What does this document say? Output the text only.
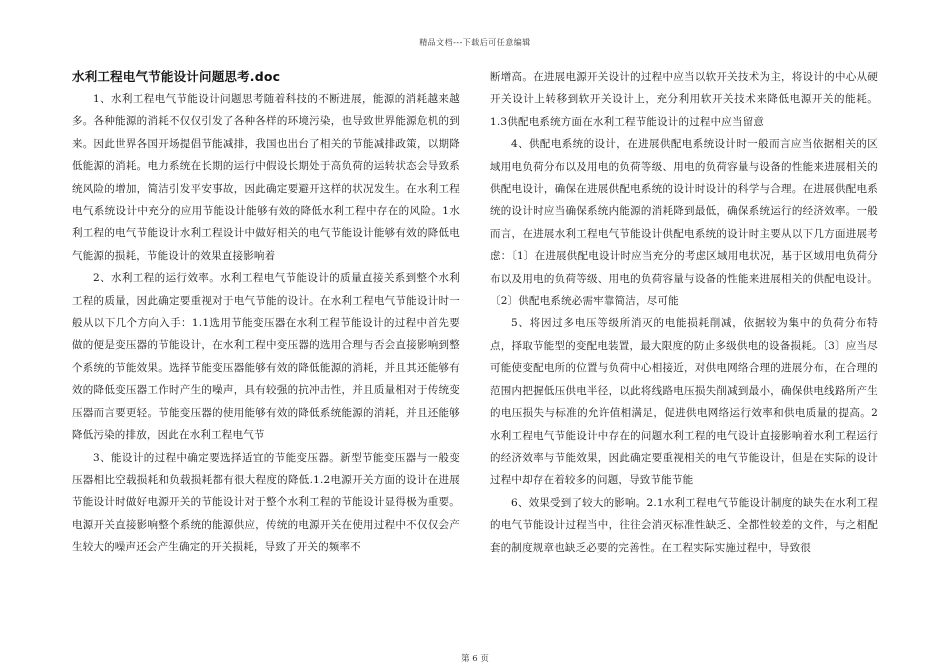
精品文档---下载后可任意编辑
水利工程电气节能设计问题思考.doc

1、水利工程电气节能设计问题思考随着科技的不断进展，能源的消耗越来越多。各种能源的消耗不仅仅引发了各种各样的环境污染，也导致世界能源危机的到来。因此世界各国开场提倡节能减排，我国也出台了相关的节能减排政策，以期降低能源的消耗。电力系统在长期的运行中假设长期处于高负荷的运转状态会导致系统风险的增加，简洁引发平安事故，因此确定要避开这样的状况发生。在水利工程电气系统设计中充分的应用节能设计能够有效的降低水利工程中存在的风险。1水利工程的电气节能设计水利工程设计中做好相关的电气节能设计能够有效的降低电气能源的损耗，节能设计的效果直接影响着

2、水利工程的运行效率。水利工程电气节能设计的质量直接关系到整个水利工程的质量，因此确定要重视对于电气节能的设计。在水利工程电气节能设计时一般从以下几个方向入手：1.1选用节能变压器在水利工程节能设计的过程中首先要做的便是变压器的节能设计，在水利工程中变压器的选用合理与否会直接影响到整个系统的节能效果。选择节能变压器能够有效的降低能源的消耗，并且其还能够有效的降低变压器工作时产生的噪声，具有较强的抗冲击性，并且质量相对于传统变压器而言要更轻。节能变压器的使用能够有效的降低系统能源的消耗，并且还能够降低污染的排放，因此在水利工程电气节

3、能设计的过程中确定要选择适宜的节能变压器。新型节能变压器与一般变压器相比空载损耗和负载损耗都有很大程度的降低.1.2电源开关方面的设计在进展节能设计时做好电源开关的节能设计对于整个水利工程的节能设计显得极为重要。电源开关直接影响整个系统的能源供应，传统的电源开关在使用过程中不仅仅会产生较大的噪声还会产生确定的开关损耗，导致了开关的频率不

断增高。在进展电源开关设计的过程中应当以软开关技术为主，将设计的中心从硬开关设计上转移到软开关设计上，充分利用软开关技术来降低电源开关的能耗。1.3供配电系统方面在水利工程节能设计的过程中应当留意

4、供配电系统的设计，在进展供配电系统设计时一般而言应当依据相关的区域用电负荷分布以及用电的负荷等级、用电的负荷容量与设备的性能来进展相关的供配电设计，确保在进展供配电系统的设计时设计的科学与合理。在进展供配电系统的设计时应当确保系统内能源的消耗降到最低，确保系统运行的经济效率。一般而言，在进展水利工程电气节能设计供配电系统的设计时主要从以下几方面进展考虑：〔1〕在进展供配电设计时应当充分的考虑区域用电状况，基于区域用电负荷分布以及用电的负荷等级、用电的负荷容量与设备的性能来进展相关的供配电设计。〔2〕供配电系统必需牢靠简洁，尽可能

5、将因过多电压等级所消灭的电能损耗削减，依据较为集中的负荷分布特点，择取节能型的变配电装置，最大限度的防止多级供电的设备损耗。〔3〕应当尽可能使变配电所的位置与负荷中心相接近，对供电网络合理的进展分布，在合理的范围内把握低压供电半径，以此将线路电压损失削减到最小，确保供电线路所产生的电压损失与标准的允许值相满足，促进供电网络运行效率和供电质量的提高。2水利工程电气节能设计中存在的问题水利工程的电气设计直接影响着水利工程运行的经济效率与节能效果，因此确定要重视相关的电气节能设计，但是在实际的设计过程中却存在着较多的问题，导致节能节能

6、效果受到了较大的影响。2.1水利工程电气节能设计制度的缺失在水利工程的电气节能设计过程当中，往往会消灭标准性缺乏、全都性较差的文件，与之相配套的制度规章也缺乏必要的完善性。在工程实际实施过程中，导致很

第 6 页
